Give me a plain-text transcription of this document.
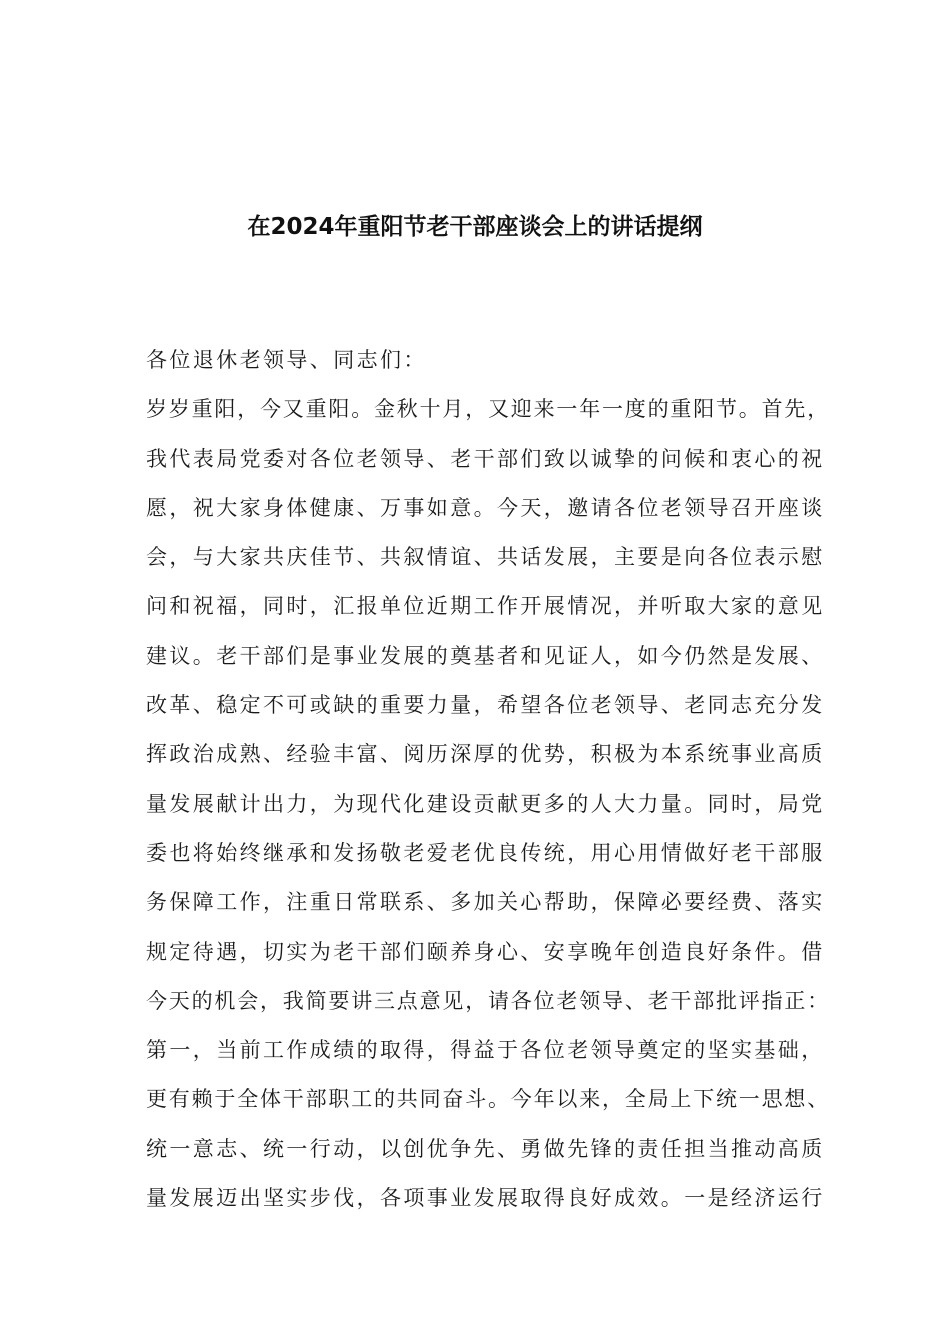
在2024年重阳节老干部座谈会上的讲话提纲
各位退休老领导、同志们：
岁岁重阳，今又重阳。金秋十月，又迎来一年一度的重阳节。首先，
我代表局党委对各位老领导、老干部们致以诚挚的问候和衷心的祝
愿，祝大家身体健康、万事如意。今天，邀请各位老领导召开座谈
会，与大家共庆佳节、共叙情谊、共话发展，主要是向各位表示慰
问和祝福，同时，汇报单位近期工作开展情况，并听取大家的意见
建议。老干部们是事业发展的奠基者和见证人，如今仍然是发展、
改革、稳定不可或缺的重要力量，希望各位老领导、老同志充分发
挥政治成熟、经验丰富、阅历深厚的优势，积极为本系统事业高质
量发展献计出力，为现代化建设贡献更多的人大力量。同时，局党
委也将始终继承和发扬敬老爱老优良传统，用心用情做好老干部服
务保障工作，注重日常联系、多加关心帮助，保障必要经费、落实
规定待遇，切实为老干部们颐养身心、安享晚年创造良好条件。借
今天的机会，我简要讲三点意见，请各位老领导、老干部批评指正：
第一，当前工作成绩的取得，得益于各位老领导奠定的坚实基础，
更有赖于全体干部职工的共同奋斗。今年以来，全局上下统一思想、
统一意志、统一行动，以创优争先、勇做先锋的责任担当推动高质
量发展迈出坚实步伐，各项事业发展取得良好成效。一是经济运行
